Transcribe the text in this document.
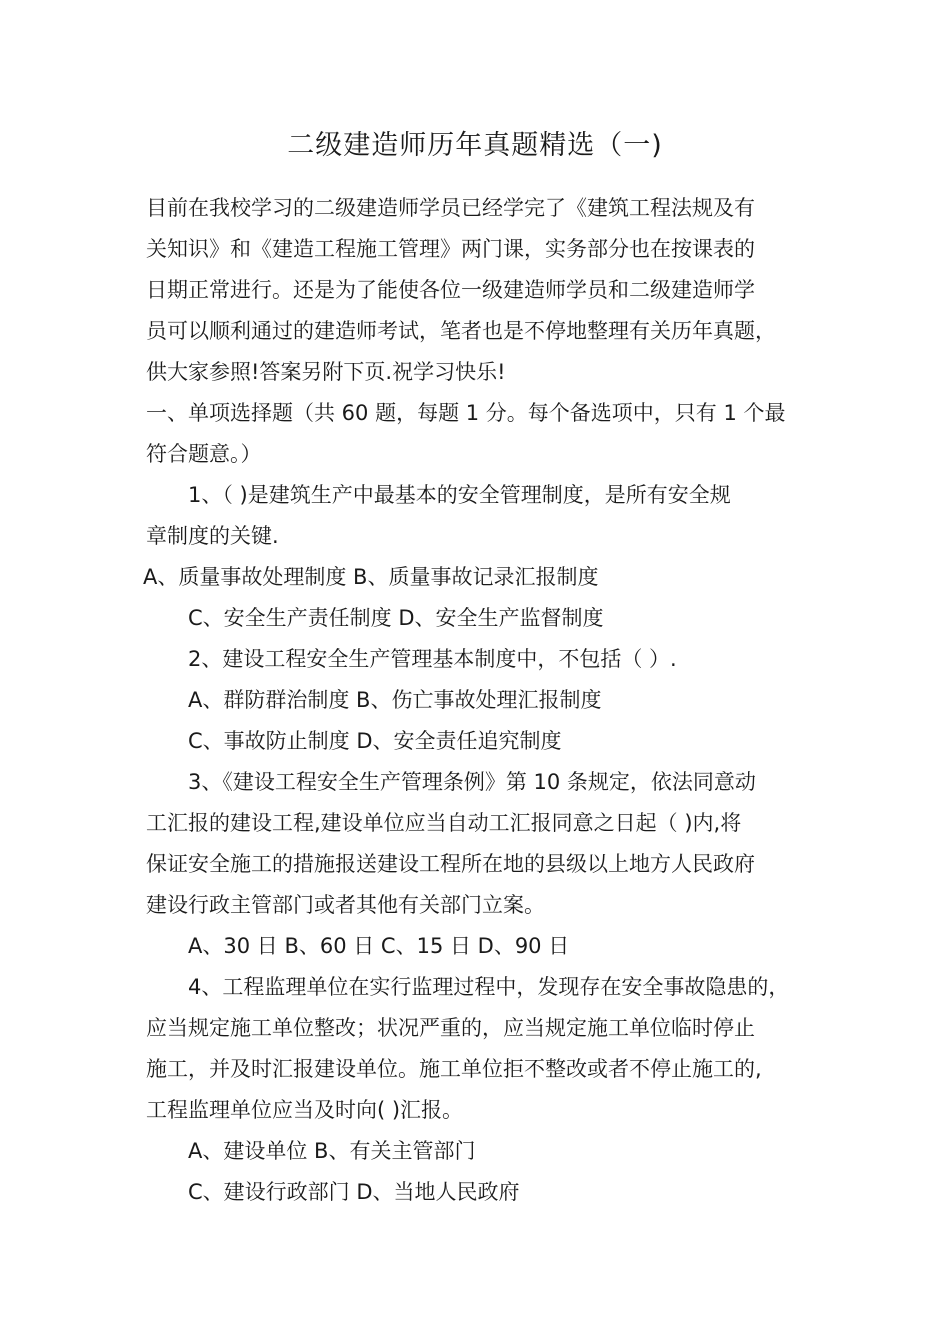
二级建造师历年真题精选（一)
目前在我校学习的二级建造师学员已经学完了《建筑工程法规及有
关知识》和《建造工程施工管理》两门课，实务部分也在按课表的
日期正常进行。还是为了能使各位一级建造师学员和二级建造师学
员可以顺利通过的建造师考试，笔者也是不停地整理有关历年真题，
供大家参照!答案另附下页.祝学习快乐!
一、单项选择题（共 60 题，每题 1 分。每个备选项中，只有 1 个最
符合题意。）
1、（ )是建筑生产中最基本的安全管理制度，是所有安全规
章制度的关键.
A、质量事故处理制度 B、质量事故记录汇报制度
C、安全生产责任制度 D、安全生产监督制度
2、建设工程安全生产管理基本制度中，不包括（ ）.
A、群防群治制度 B、伤亡事故处理汇报制度
C、事故防止制度 D、安全责任追究制度
3、《建设工程安全生产管理条例》第 10 条规定，依法同意动
工汇报的建设工程,建设单位应当自动工汇报同意之日起（ )内,将
保证安全施工的措施报送建设工程所在地的县级以上地方人民政府
建设行政主管部门或者其他有关部门立案。
A、30 日 B、60 日 C、15 日 D、90 日
4、工程监理单位在实行监理过程中，发现存在安全事故隐患的，
应当规定施工单位整改；状况严重的，应当规定施工单位临时停止
施工，并及时汇报建设单位。施工单位拒不整改或者不停止施工的,
工程监理单位应当及时向( )汇报。
A、建设单位 B、有关主管部门
C、建设行政部门 D、当地人民政府
